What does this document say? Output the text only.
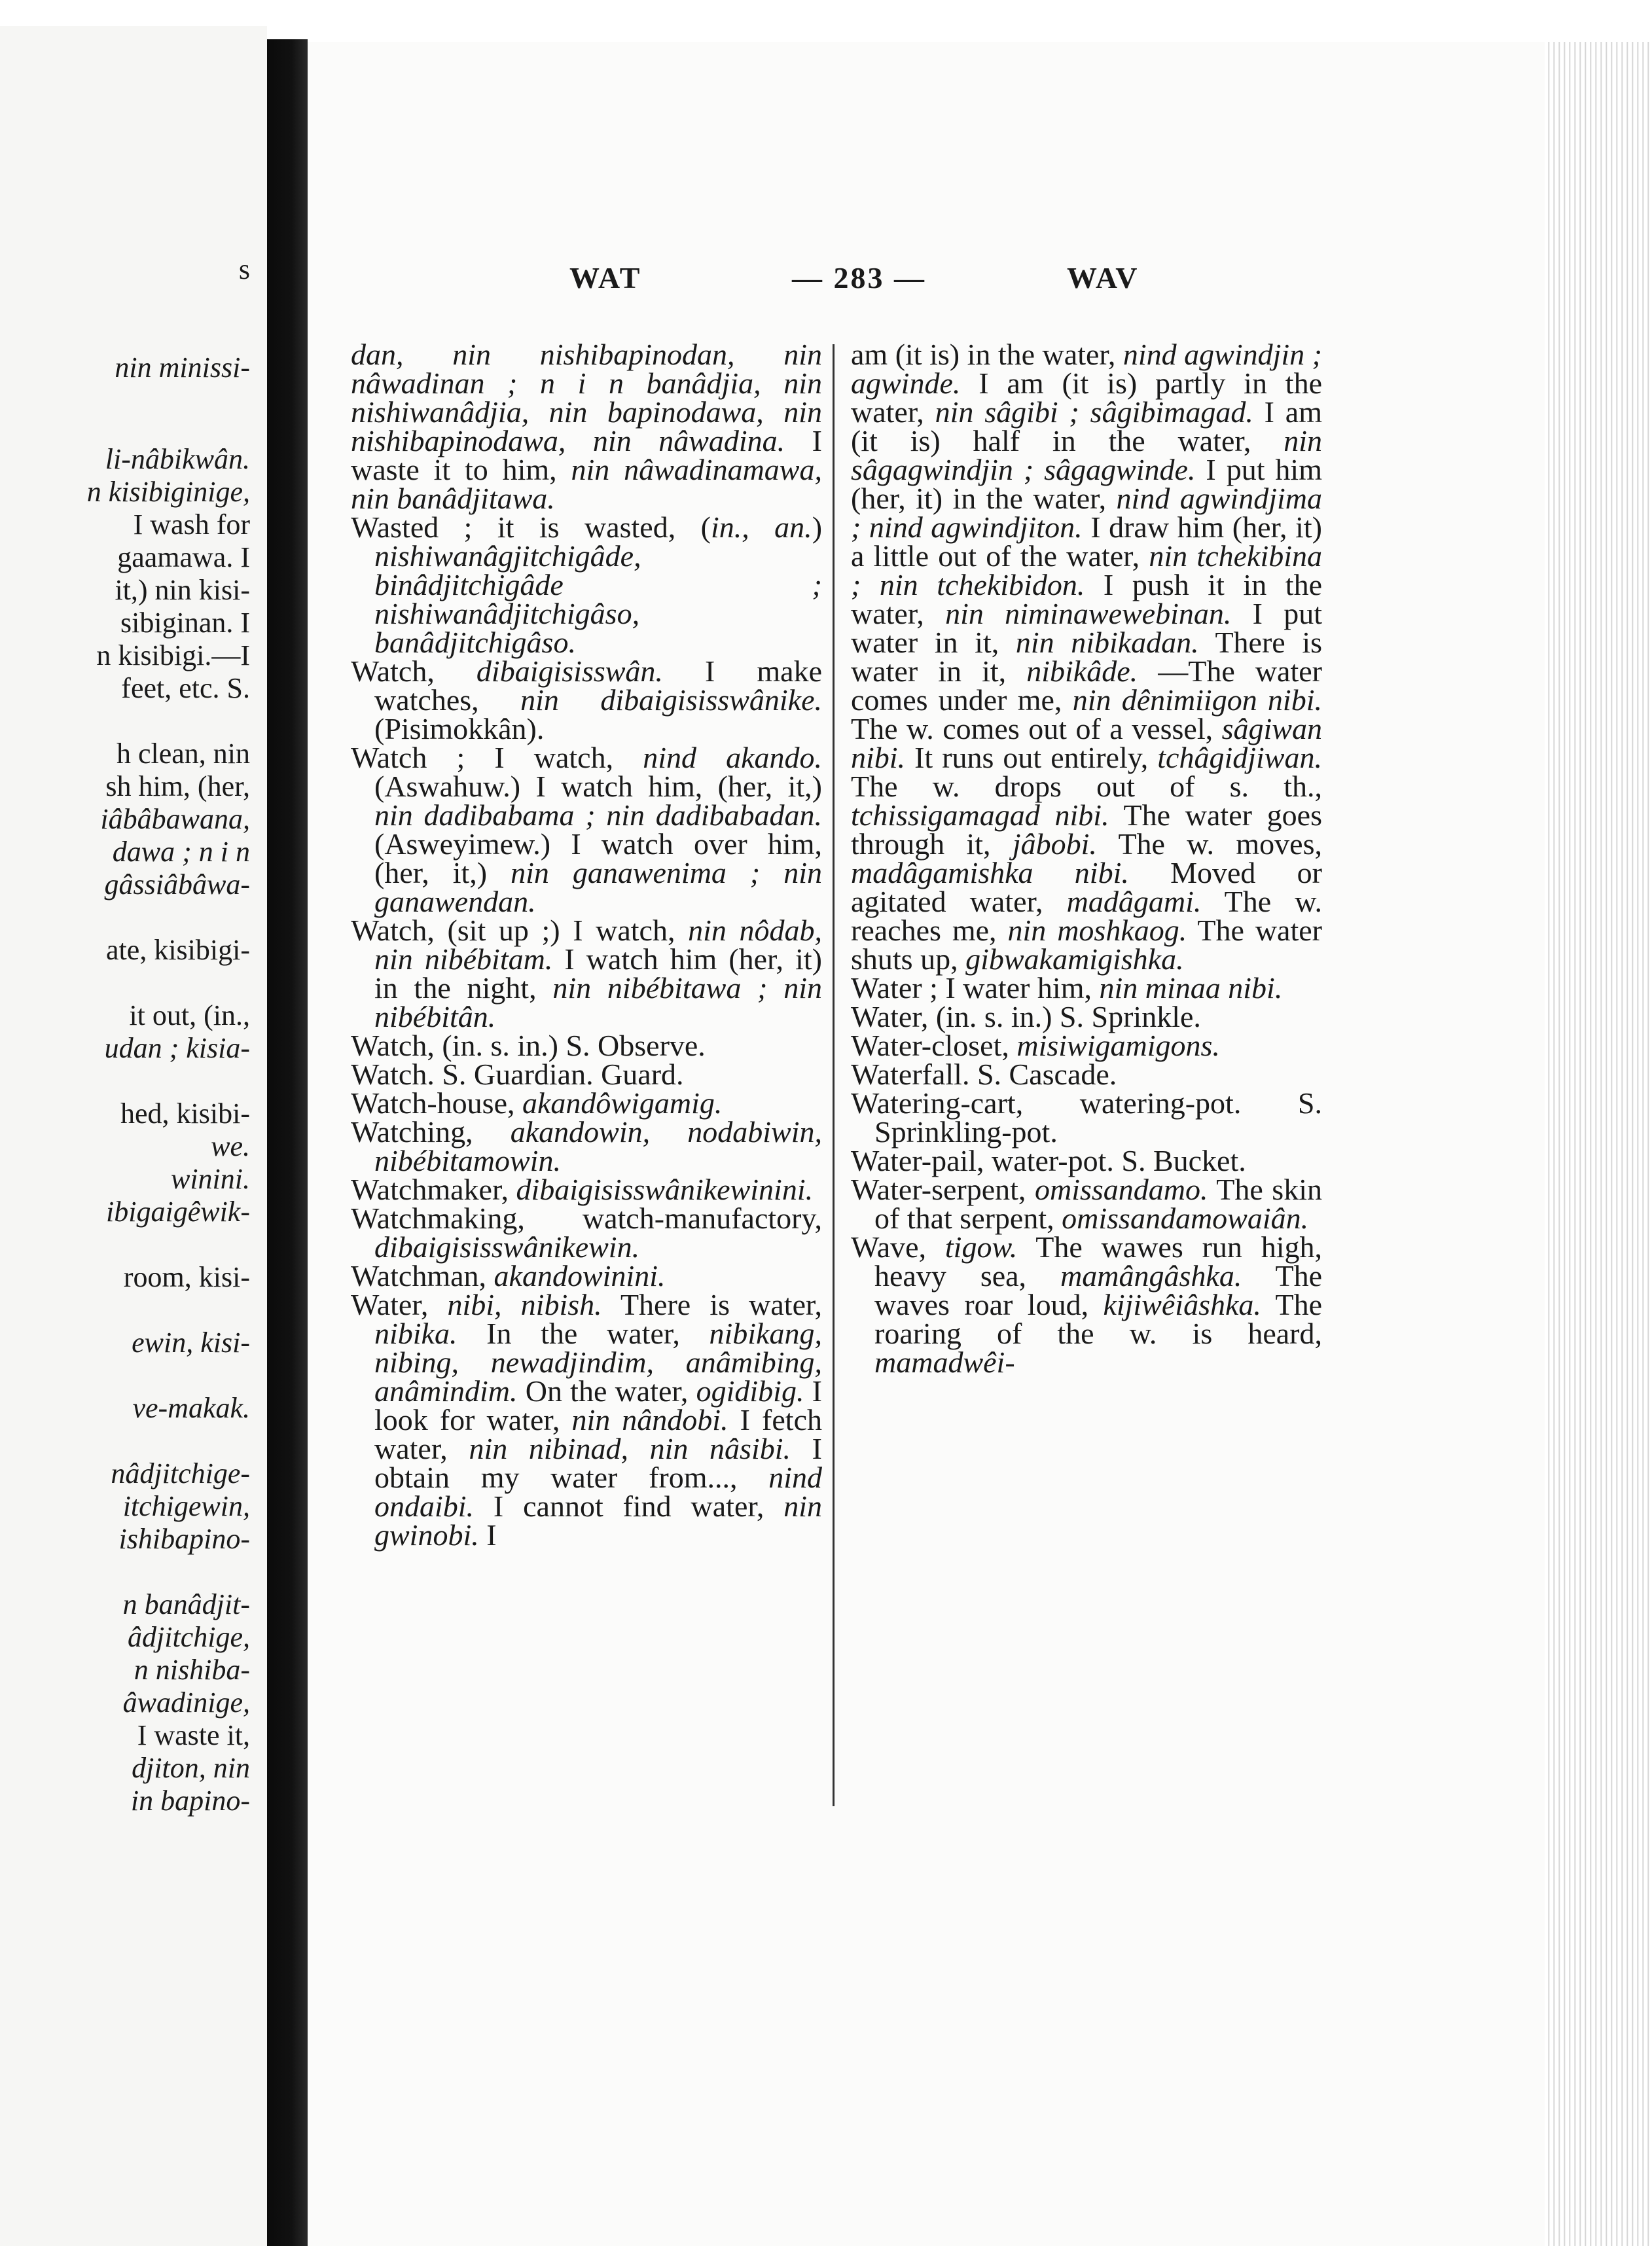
s
nin minissi-
li-nâbikwân.
n kisibiginige,
I wash for
gaamawa. I
it,) nin kisi-
sibiginan. I
n kisibigi.—I
feet, etc. S.
h clean, nin
sh him, (her,
iâbâbawana,
dawa ; n i n
gâssiâbâwa-
ate, kisibigi-
it out, (in.,
udan ; kisia-
hed, kisibi-
we.
winini.
ibigaigêwik-
room, kisi-
ewin, kisi-
ve-makak.
nâdjitchige-
itchigewin,
ishibapino-
n banâdjit-
âdjitchige,
n nishiba-
âwadinige,
I waste it,
djiton, nin
in bapino-
WAT	— 283 —	WAV

dan, nin nishibapinodan, nin nâwadinan ; n i n banâdjia, nin nishiwanâdjia, nin bapinodawa, nin nishibapinodawa, nin nâwadina. I waste it to him, nin nâwadinamawa, nin banâdjitawa.

Wasted ; it is wasted, (in., an.) nishiwanâgjitchigâde, binâdjitchigâde ; nishiwanâdjitchigâso, banâdjitchigâso.

Watch, dibaigisisswân. I make watches, nin dibaigisisswânike. (Pisimokkân).

Watch ; I watch, nind akando. (Aswahuw.) I watch him, (her, it,) nin dadibabama ; nin dadibabadan. (Asweyimew.) I watch over him, (her, it,) nin ganawenima ; nin ganawendan.

Watch, (sit up ;) I watch, nin nôdab, nin nibébitam. I watch him (her, it) in the night, nin nibébitawa ; nin nibébitân.

Watch, (in. s. in.) S. Observe.

Watch. S. Guardian. Guard.

Watch-house, akandôwigamig.

Watching, akandowin, nodabiwin, nibébitamowin.

Watchmaker, dibaigisisswânikewinini.

Watchmaking, watch-manufactory, dibaigisisswânikewin.

Watchman, akandowinini.

Water, nibi, nibish. There is water, nibika. In the water, nibikang, nibing, newadjindim, anâmibing, anâmindim. On the water, ogidibig. I look for water, nin nândobi. I fetch water, nin nibinad, nin nâsibi. I obtain my water from..., nind ondaibi. I cannot find water, nin gwinobi. I

am (it is) in the water, nind agwindjin ; agwinde. I am (it is) partly in the water, nin sâgibi ; sâgibimagad. I am (it is) half in the water, nin sâgagwindjin ; sâgagwinde. I put him (her, it) in the water, nind agwindjima ; nind agwindjiton. I draw him (her, it) a little out of the water, nin tchekibina ; nin tchekibidon. I push it in the water, nin niminawewebinan. I put water in it, nin nibikadan. There is water in it, nibikâde. —The water comes under me, nin dênimiigon nibi. The w. comes out of a vessel, sâgiwan nibi. It runs out entirely, tchâgidjiwan. The w. drops out of s. th., tchissigamagad nibi. The water goes through it, jâbobi. The w. moves, madâgamishka nibi. Moved or agitated water, madâgami. The w. reaches me, nin moshkaog. The water shuts up, gibwakamigishka.

Water ; I water him, nin minaa nibi.

Water, (in. s. in.) S. Sprinkle.

Water-closet, misiwigamigons.

Waterfall. S. Cascade.

Watering-cart, watering-pot. S. Sprinkling-pot.

Water-pail, water-pot. S. Bucket.

Water-serpent, omissandamo. The skin of that serpent, omissandamowaiân.

Wave, tigow. The wawes run high, heavy sea, mamângâshka. The waves roar loud, kijiwêiâshka. The roaring of the w. is heard, mamadwêi-
